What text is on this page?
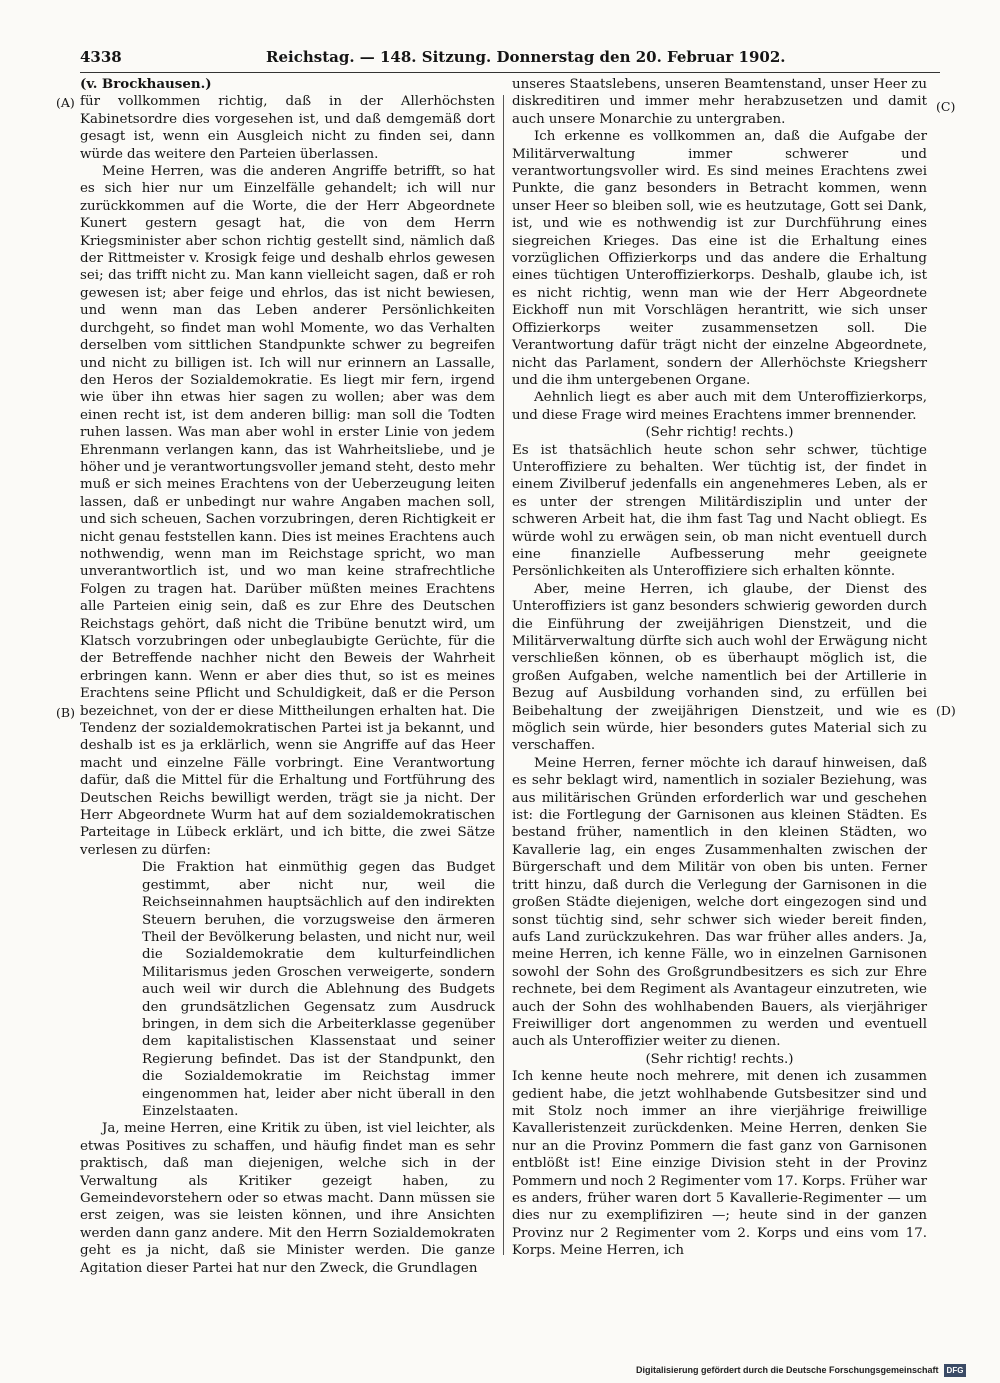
4338	Reichstag. — 148. Sitzung. Donnerstag den 20. Februar 1902.

(v. Brockhausen.)

für vollkommen richtig, daß in der Allerhöchsten Kabinetsordre dies vorgesehen ist, und daß demgemäß dort gesagt ist, wenn ein Ausgleich nicht zu finden sei, dann würde das weitere den Parteien überlassen.

Meine Herren, was die anderen Angriffe betrifft, so hat es sich hier nur um Einzelfälle gehandelt; ich will nur zurückkommen auf die Worte, die der Herr Abgeordnete Kunert gestern gesagt hat, die von dem Herrn Kriegsminister aber schon richtig gestellt sind, nämlich daß der Rittmeister v. Krosigk feige und deshalb ehrlos gewesen sei; das trifft nicht zu. Man kann vielleicht sagen, daß er roh gewesen ist; aber feige und ehrlos, das ist nicht bewiesen, und wenn man das Leben anderer Persönlichkeiten durchgeht, so findet man wohl Momente, wo das Verhalten derselben vom sittlichen Standpunkte schwer zu begreifen und nicht zu billigen ist. Ich will nur erinnern an Lassalle, den Heros der Sozialdemokratie. Es liegt mir fern, irgend wie über ihn etwas hier sagen zu wollen; aber was dem einen recht ist, ist dem anderen billig: man soll die Todten ruhen lassen. Was man aber wohl in erster Linie von jedem Ehrenmann verlangen kann, das ist Wahrheitsliebe, und je höher und je verantwortungsvoller jemand steht, desto mehr muß er sich meines Erachtens von der Ueberzeugung leiten lassen, daß er unbedingt nur wahre Angaben machen soll, und sich scheuen, Sachen vorzubringen, deren Richtigkeit er nicht genau feststellen kann. Dies ist meines Erachtens auch nothwendig, wenn man im Reichstage spricht, wo man unverantwortlich ist, und wo man keine strafrechtliche Folgen zu tragen hat. Darüber müßten meines Erachtens alle Parteien einig sein, daß es zur Ehre des Deutschen Reichstags gehört, daß nicht die Tribüne benutzt wird, um Klatsch vorzubringen oder unbeglaubigte Gerüchte, für die der Betreffende nachher nicht den Beweis der Wahrheit erbringen kann. Wenn er aber dies thut, so ist es meines Erachtens seine Pflicht und Schuldigkeit, daß er die Person bezeichnet, von der er diese Mittheilungen erhalten hat. Die Tendenz der sozialdemokratischen Partei ist ja bekannt, und deshalb ist es ja erklärlich, wenn sie Angriffe auf das Heer macht und einzelne Fälle vorbringt. Eine Verantwortung dafür, daß die Mittel für die Erhaltung und Fortführung des Deutschen Reichs bewilligt werden, trägt sie ja nicht. Der Herr Abgeordnete Wurm hat auf dem sozialdemokratischen Parteitage in Lübeck erklärt, und ich bitte, die zwei Sätze verlesen zu dürfen:

Die Fraktion hat einmüthig gegen das Budget gestimmt, aber nicht nur, weil die Reichseinnahmen hauptsächlich auf den indirekten Steuern beruhen, die vorzugsweise den ärmeren Theil der Bevölkerung belasten, und nicht nur, weil die Sozialdemokratie dem kulturfeindlichen Militarismus jeden Groschen verweigerte, sondern auch weil wir durch die Ablehnung des Budgets den grundsätzlichen Gegensatz zum Ausdruck bringen, in dem sich die Arbeiterklasse gegenüber dem kapitalistischen Klassenstaat und seiner Regierung befindet. Das ist der Standpunkt, den die Sozialdemokratie im Reichstag immer eingenommen hat, leider aber nicht überall in den Einzelstaaten.

Ja, meine Herren, eine Kritik zu üben, ist viel leichter, als etwas Positives zu schaffen, und häufig findet man es sehr praktisch, daß man diejenigen, welche sich in der Verwaltung als Kritiker gezeigt haben, zu Gemeindevorstehern oder so etwas macht. Dann müssen sie erst zeigen, was sie leisten können, und ihre Ansichten werden dann ganz andere. Mit den Herrn Sozialdemokraten geht es ja nicht, daß sie Minister werden. Die ganze Agitation dieser Partei hat nur den Zweck, die Grundlagen

unseres Staatslebens, unseren Beamtenstand, unser Heer zu diskreditiren und immer mehr herabzusetzen und damit auch unsere Monarchie zu untergraben.

Ich erkenne es vollkommen an, daß die Aufgabe der Militärverwaltung immer schwerer und verantwortungsvoller wird. Es sind meines Erachtens zwei Punkte, die ganz besonders in Betracht kommen, wenn unser Heer so bleiben soll, wie es heutzutage, Gott sei Dank, ist, und wie es nothwendig ist zur Durchführung eines siegreichen Krieges. Das eine ist die Erhaltung eines vorzüglichen Offizierkorps und das andere die Erhaltung eines tüchtigen Unteroffizierkorps. Deshalb, glaube ich, ist es nicht richtig, wenn man wie der Herr Abgeordnete Eickhoff nun mit Vorschlägen herantritt, wie sich unser Offizierkorps weiter zusammensetzen soll. Die Verantwortung dafür trägt nicht der einzelne Abgeordnete, nicht das Parlament, sondern der Allerhöchste Kriegsherr und die ihm untergebenen Organe.

Aehnlich liegt es aber auch mit dem Unteroffizierkorps, und diese Frage wird meines Erachtens immer brennender.

(Sehr richtig! rechts.)

Es ist thatsächlich heute schon sehr schwer, tüchtige Unteroffiziere zu behalten. Wer tüchtig ist, der findet in einem Zivilberuf jedenfalls ein angenehmeres Leben, als er es unter der strengen Militärdisziplin und unter der schweren Arbeit hat, die ihm fast Tag und Nacht obliegt. Es würde wohl zu erwägen sein, ob man nicht eventuell durch eine finanzielle Aufbesserung mehr geeignete Persönlichkeiten als Unteroffiziere sich erhalten könnte.

Aber, meine Herren, ich glaube, der Dienst des Unteroffiziers ist ganz besonders schwierig geworden durch die Einführung der zweijährigen Dienstzeit, und die Militärverwaltung dürfte sich auch wohl der Erwägung nicht verschließen können, ob es überhaupt möglich ist, die großen Aufgaben, welche namentlich bei der Artillerie in Bezug auf Ausbildung vorhanden sind, zu erfüllen bei Beibehaltung der zweijährigen Dienstzeit, und wie es möglich sein würde, hier besonders gutes Material sich zu verschaffen.

Meine Herren, ferner möchte ich darauf hinweisen, daß es sehr beklagt wird, namentlich in sozialer Beziehung, was aus militärischen Gründen erforderlich war und geschehen ist: die Fortlegung der Garnisonen aus kleinen Städten. Es bestand früher, namentlich in den kleinen Städten, wo Kavallerie lag, ein enges Zusammenhalten zwischen der Bürgerschaft und dem Militär von oben bis unten. Ferner tritt hinzu, daß durch die Verlegung der Garnisonen in die großen Städte diejenigen, welche dort eingezogen sind und sonst tüchtig sind, sehr schwer sich wieder bereit finden, aufs Land zurückzukehren. Das war früher alles anders. Ja, meine Herren, ich kenne Fälle, wo in einzelnen Garnisonen sowohl der Sohn des Großgrundbesitzers es sich zur Ehre rechnete, bei dem Regiment als Avantageur einzutreten, wie auch der Sohn des wohlhabenden Bauers, als vierjähriger Freiwilliger dort angenommen zu werden und eventuell auch als Unteroffizier weiter zu dienen.

(Sehr richtig! rechts.)

Ich kenne heute noch mehrere, mit denen ich zusammen gedient habe, die jetzt wohlhabende Gutsbesitzer sind und mit Stolz noch immer an ihre vierjährige freiwillige Kavalleristenzeit zurückdenken. Meine Herren, denken Sie nur an die Provinz Pommern die fast ganz von Garnisonen entblößt ist! Eine einzige Division steht in der Provinz Pommern und noch 2 Regimenter vom 17. Korps. Früher war es anders, früher waren dort 5 Kavallerie-Regimenter — um dies nur zu exemplifiziren —; heute sind in der ganzen Provinz nur 2 Regimenter vom 2. Korps und eins vom 17. Korps. Meine Herren, ich

(A)
(B)
(C)
(D)
Digitalisierung gefördert durch die Deutsche Forschungsgemeinschaft DFG
